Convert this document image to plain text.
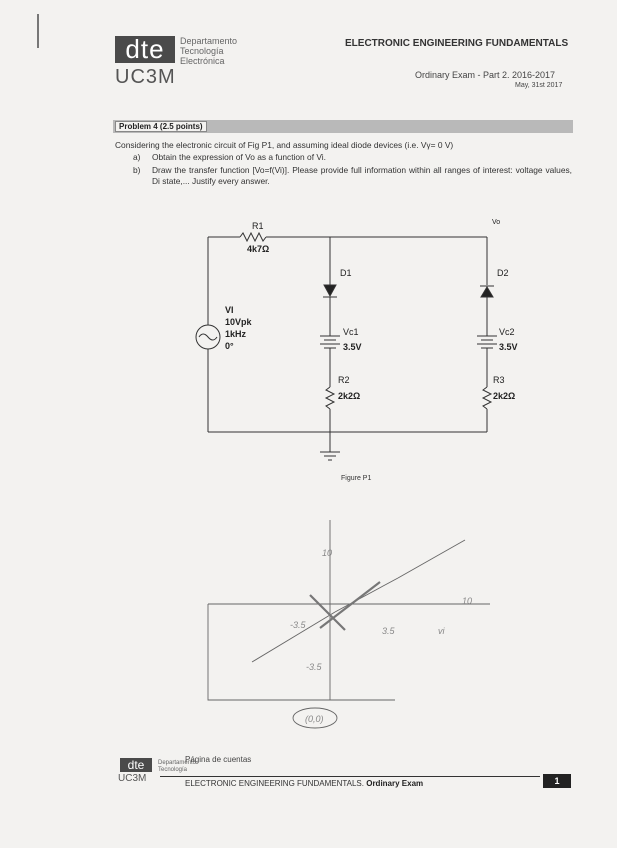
dte	Departamento
Tecnología
Electrónica
UC3M
ELECTRONIC ENGINEERING FUNDAMENTALS
Ordinary Exam - Part 2. 2016-2017
May, 31st 2017
Problem 4 (2.5 points)
Considering the electronic circuit of Fig P1, and assuming ideal diode devices (i.e. Vγ= 0 V)
a) Obtain the expression of Vo as a function of Vi.
b) Draw the transfer function [Vo=f(Vi)]. Please provide full information within all ranges of interest: voltage values, Di state,... Justify every answer.
Vo
R1
4k7Ω
D1	D2
VI
10Vpk
1kHz
0°
Vc1
3.5V
Vc2
3.5V
R2
2k2Ω
R3
2k2Ω
10
-3.5
3.5
10
vi
-3.5
(0,0)
Figure P1
dte
UC3M
Departamento
Tecnología
Página de cuentas
ELECTRONIC ENGINEERING FUNDAMENTALS. Ordinary Exam	1
